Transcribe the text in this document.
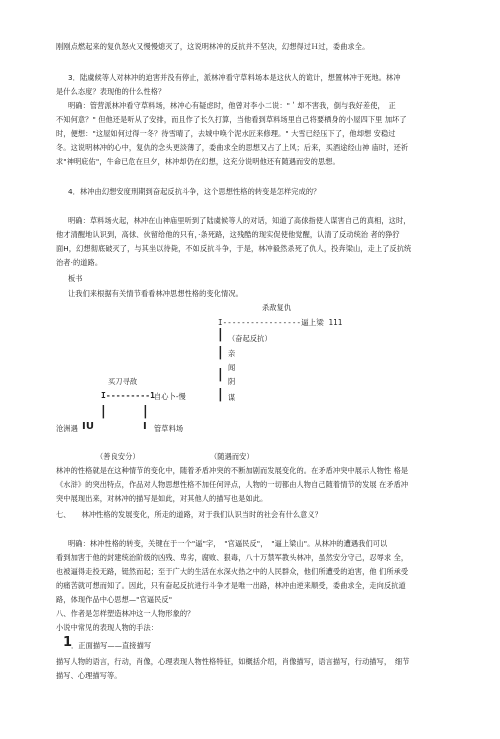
刚刚点燃起来的复仇怒火又慢慢熄灭了，这说明林冲的反抗并不坚决，幻想得过Ｈ过，委曲求全。
3．陆虞候等人对林冲的迫害并没有停止，派林冲看守草料场本是这伙人的诡计，想置林冲于死地。林冲
是什么态度？表现他的什么性格？
明确：管营派林冲看守草料场，林冲心有疑虑时，他曾对李小二说："＇却不害我，倒与我好差使，　正
不知何意？" 但他还是听从了安排，而且作了长久打算，当他看到草料场里自己将要栖身的小屋四下里 加坏了
时，便想："这屋如何过得一冬？待雪晴了，去城中唤个泥水匠来修理。" 大雪已经压下了，他却想 安稳过
冬。这说明林冲的心中，复仇的念头更淡薄了，委曲求全的思想又占了上风；后来，买酒途经山神 庙时，还祈
求"神明庇佑"，牛命已危在旦夕，林冲却仍在幻想，这充分说明他还有随遇而安的思想。
4．林冲由幻想安度刑期到奋起反抗斗争，这个思想性格的转变是怎样完成的？
明确：草料场火起，林冲在山神庙里听到了陆虞候等人的对话，知道了高俅指使人谋害自己的真相，这时，
他才清醒地认识到，高俅、伙留给他的只有，·条死路，这残酷的现实促使他觉醒，认清了反动统治 者的狰狞
面H，幻想彻底破灭了，与其坐以待毙，不如反抗斗争，于是，林冲毅然杀死了仇人，投奔梁山，走上了反抗统
治者·的道路。
板书
让我们来根据有关情节看看林冲思想性格的变化情况。
杀敌复仇
I-----------------逼上梁 111
（奋起反抗）
|
| 亲
闻
| 阴
| 谋
买刀寻敌
I---------1
自心卜-慢
|
|
沧洲遇 IU	I 管草料场
（善良安分）	（随遇而安）
林冲的性格就是在这种情节的变化中，随着矛盾冲突的不断加剧而发展变化的。在矛盾冲突中展示人物性 格是
《水浒》的突出特点，作品对人物思想性格不加任何评点，人物的一切都由人物自己随着情节的发展 在矛盾冲
突中展现出来，对林冲的描写是如此，对其他人的描写也是如此。
七、　　林冲性格的发展变化，所走的道路，对于我们认识当时的社会有什么意义？
明确：林冲性格的转变，关键在于一个"逼"字，　"官逼民反"，　"逼上梁山"。从林冲的遭遇我们可以
看到加害于他的封建统治阶级的凶残、卑劣，腐败、狠毒，八十万禁军教头林冲，虽然安分守己，忍辱求 全，
也被逼得走投无路，铤然而起；至于广大的生活在水深火热之中的人民群众，他们所遭受的迫害，他 们所承受
的痛苦就可想而知了。因此，只有奋起反抗进行斗争才是唯一出路，林冲由逆来顺受，委曲求全，走向反抗道
路，体现作品中心思想—"官逼民反"
八、作者是怎样塑造林冲这一人物形象的？
小说中常见的表现人物的手法：
1
．正面描写——直接描写
描写人物的语言，行动，肖像，心理表现人物性格特征，如概括介绍，肖像描写，语言描写，行动描写，　细节
描写、心理描写等。
